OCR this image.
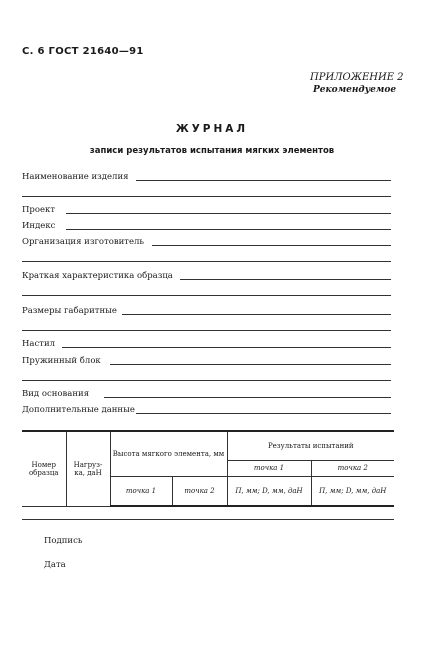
С. 6 ГОСТ 21640—91
ПРИЛОЖЕНИЕ 2
Рекомендуемое
ЖУРНАЛ
записи результатов испытания мягких элементов
Наименование изделия
Проект
Индекс
Организация изготовитель
Краткая характеристика образца
Размеры габаритные
Настил
Пружинный блок
Вид основания
Дополнительные данные
Номер образца	Нагруз-ка, даН	Высота мягкого элемента, мм		Результаты испытаний	
				точка 1	точка 2
		точка 1	точка 2	П, мм; D, мм, даН	П, мм; D, мм, даН
Подпись
Дата
